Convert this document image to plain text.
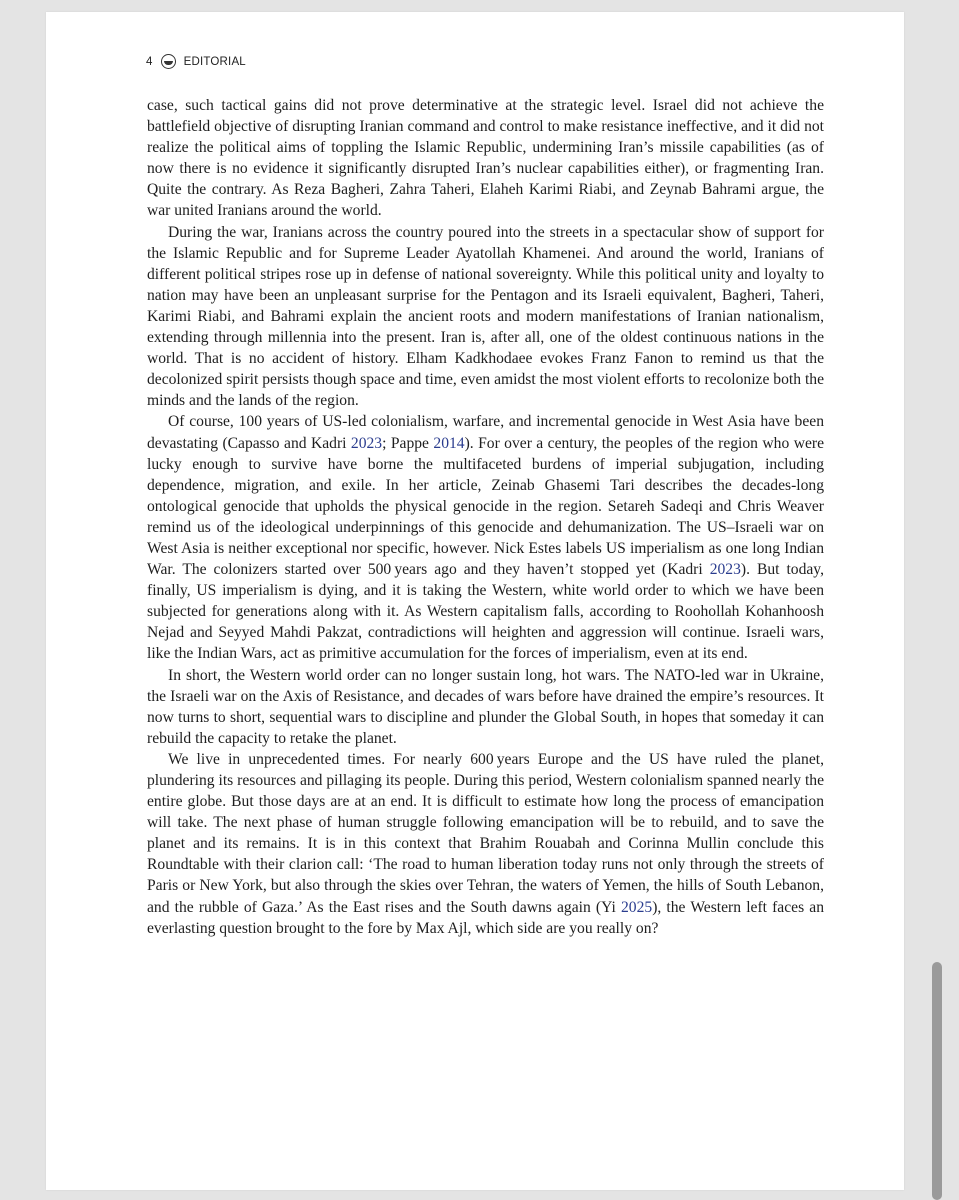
4	EDITORIAL

case, such tactical gains did not prove determinative at the strategic level. Israel did not achieve the battlefield objective of disrupting Iranian command and control to make resistance ineffective, and it did not realize the political aims of toppling the Islamic Republic, undermining Iran’s missile capabilities (as of now there is no evidence it significantly disrupted Iran’s nuclear capabilities either), or fragmenting Iran. Quite the contrary. As Reza Bagheri, Zahra Taheri, Elaheh Karimi Riabi, and Zeynab Bahrami argue, the war united Iranians around the world.

During the war, Iranians across the country poured into the streets in a spectacular show of support for the Islamic Republic and for Supreme Leader Ayatollah Khamenei. And around the world, Iranians of different political stripes rose up in defense of national sovereignty. While this political unity and loyalty to nation may have been an unpleasant surprise for the Pentagon and its Israeli equivalent, Bagheri, Taheri, Karimi Riabi, and Bahrami explain the ancient roots and modern manifestations of Iranian nationalism, extending through millennia into the present. Iran is, after all, one of the oldest continuous nations in the world. That is no accident of history. Elham Kadkhodaee evokes Franz Fanon to remind us that the decolonized spirit persists though space and time, even amidst the most violent efforts to recolonize both the minds and the lands of the region.

Of course, 100 years of US-led colonialism, warfare, and incremental genocide in West Asia have been devastating (Capasso and Kadri 2023; Pappe 2014). For over a century, the peoples of the region who were lucky enough to survive have borne the multifaceted burdens of imperial subjugation, including dependence, migration, and exile. In her article, Zeinab Ghasemi Tari describes the decades-long ontological genocide that upholds the physical genocide in the region. Setareh Sadeqi and Chris Weaver remind us of the ideological underpinnings of this genocide and dehumanization. The US–Israeli war on West Asia is neither exceptional nor specific, however. Nick Estes labels US imperialism as one long Indian War. The colonizers started over 500 years ago and they haven’t stopped yet (Kadri 2023). But today, finally, US imperialism is dying, and it is taking the Western, white world order to which we have been subjected for generations along with it. As Western capitalism falls, according to Roohollah Kohanhoosh Nejad and Seyyed Mahdi Pakzat, contradictions will heighten and aggression will continue. Israeli wars, like the Indian Wars, act as primitive accumulation for the forces of imperialism, even at its end.

In short, the Western world order can no longer sustain long, hot wars. The NATO-led war in Ukraine, the Israeli war on the Axis of Resistance, and decades of wars before have drained the empire’s resources. It now turns to short, sequential wars to discipline and plunder the Global South, in hopes that someday it can rebuild the capacity to retake the planet.

We live in unprecedented times. For nearly 600 years Europe and the US have ruled the planet, plundering its resources and pillaging its people. During this period, Western colonialism spanned nearly the entire globe. But those days are at an end. It is difficult to estimate how long the process of emancipation will take. The next phase of human struggle following emancipation will be to rebuild, and to save the planet and its remains. It is in this context that Brahim Rouabah and Corinna Mullin conclude this Roundtable with their clarion call: ‘The road to human liberation today runs not only through the streets of Paris or New York, but also through the skies over Tehran, the waters of Yemen, the hills of South Lebanon, and the rubble of Gaza.’ As the East rises and the South dawns again (Yi 2025), the Western left faces an everlasting question brought to the fore by Max Ajl, which side are you really on?
